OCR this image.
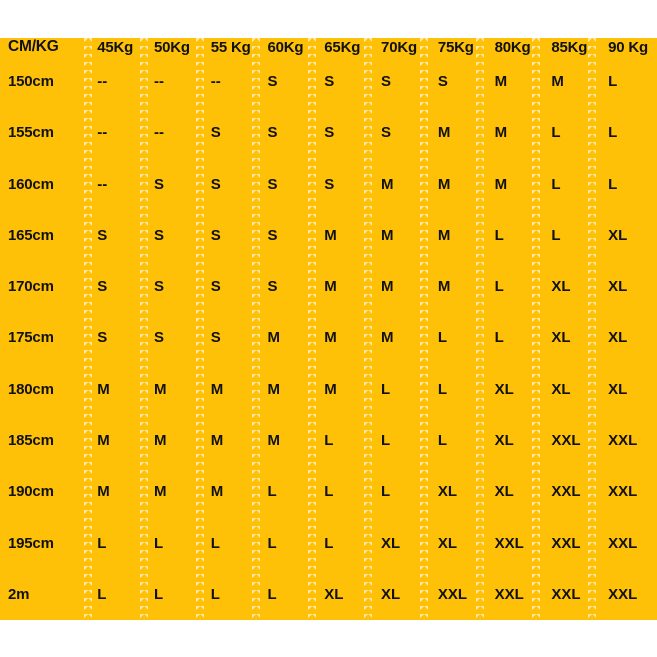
CM/KG	45Kg	50Kg	55 Kg	60Kg	65Kg	70Kg	75Kg	80Kg	85Kg	90 Kg
150cm	--	--	--	S	S	S	S	M	M	L
155cm	--	--	S	S	S	S	M	M	L	L
160cm	--	S	S	S	S	M	M	M	L	L
165cm	S	S	S	S	M	M	M	L	L	XL
170cm	S	S	S	S	M	M	M	L	XL	XL
175cm	S	S	S	M	M	M	L	L	XL	XL
180cm	M	M	M	M	M	L	L	XL	XL	XL
185cm	M	M	M	M	L	L	L	XL	XXL	XXL
190cm	M	M	M	L	L	L	XL	XL	XXL	XXL
195cm	L	L	L	L	L	XL	XL	XXL	XXL	XXL
2m	L	L	L	L	XL	XL	XXL	XXL	XXL	XXL
